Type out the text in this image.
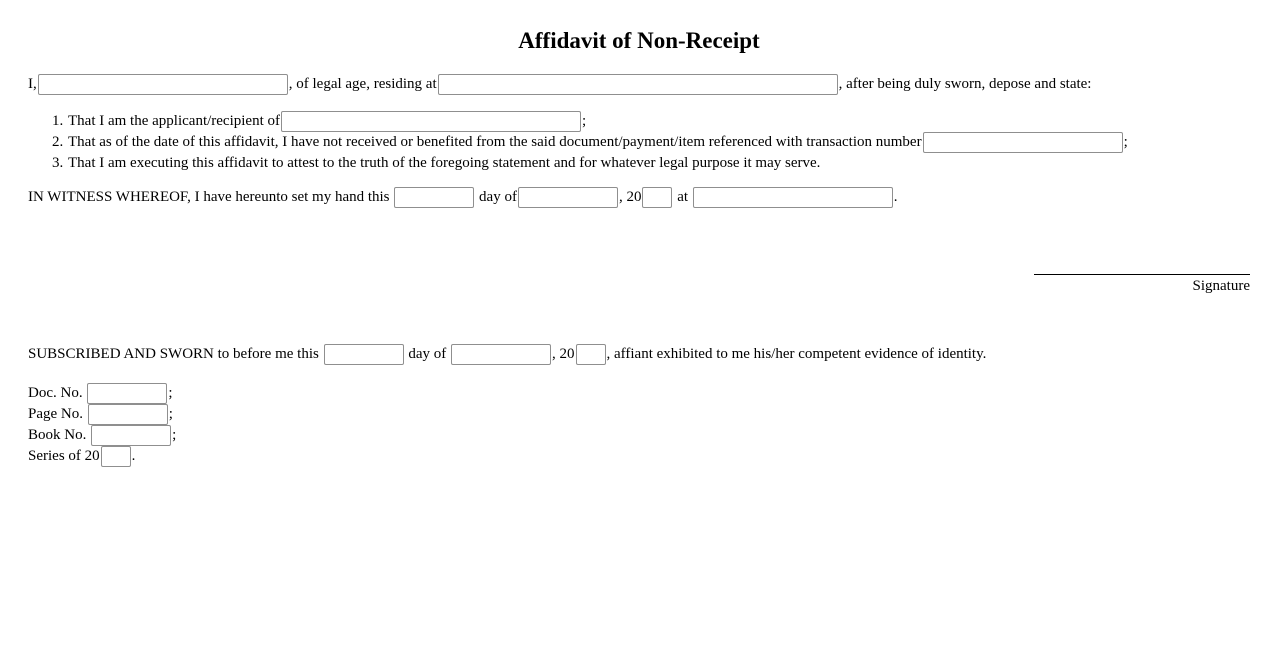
Affidavit of Non-Receipt
I,	, of legal age, residing at	, after being duly sworn, depose and state:
1. That I am the applicant/recipient of	;
2. That as of the date of this affidavit, I have not received or benefited from the said document/payment/item referenced with transaction number	;
3. That I am executing this affidavit to attest to the truth of the foregoing statement and for whatever legal purpose it may serve.
IN WITNESS WHEREOF, I have hereunto set my hand this	day of	, 20 at	.
Signature
SUBSCRIBED AND SWORN to before me this	day of	, 20 , affiant exhibited to me his/her competent evidence of identity.
Doc. No.	;
Page No.	;
Book No.	;
Series of 20 .
